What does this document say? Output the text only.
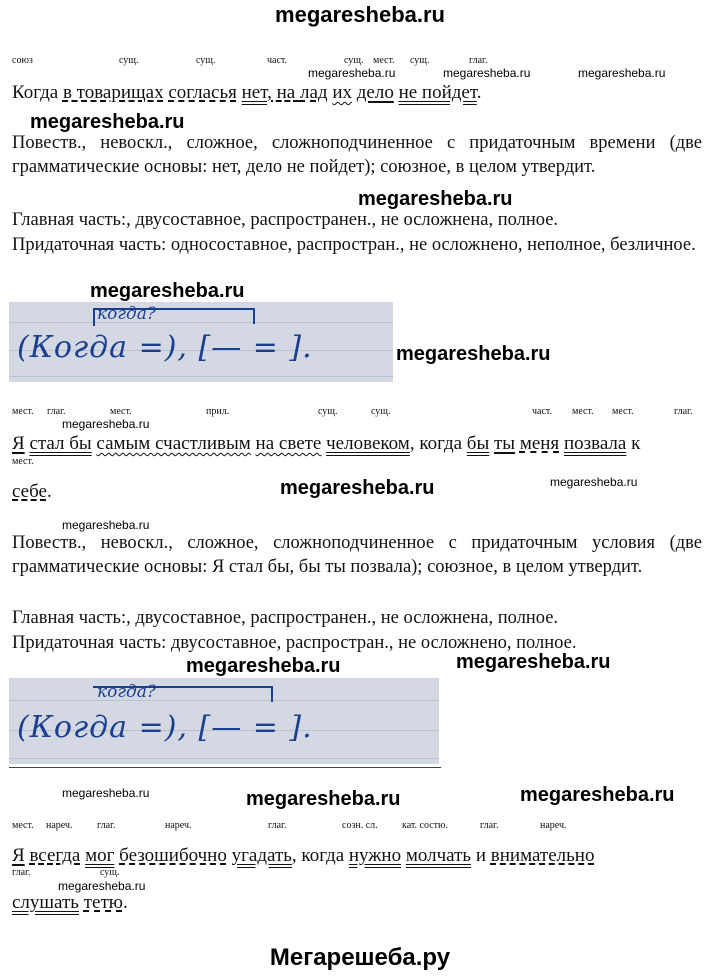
megaresheba.ru
Мегарешеба.ру
союз	сущ.	сущ.	част.	сущ. мест. сущ.	глаг.
megaresheba.ru	megaresheba.ru	megaresheba.ru
Когда в товарищах согласья нет, на лад их дело не пойдет.
megaresheba.ru
Повеств., невоскл., сложное, сложноподчиненное с придаточным времени (две грамматические основы: нет, дело не пойдет); союзное, в целом утвердит.
megaresheba.ru
Главная часть:, двусоставное, распространен., не осложнена, полное.
Придаточная часть: односоставное, распростран., не осложнено, неполное, безличное.
megaresheba.ru
когда?
(Когда =), [— = ].	megaresheba.ru
мест. глаг.	мест.	прил.	сущ.	сущ.	част. мест. мест.	глаг.
megaresheba.ru
Я стал бы самым счастливым на свете человеком, когда бы ты меня позвала к
мест.
себе.	megaresheba.ru	megaresheba.ru
megaresheba.ru
Повеств., невоскл., сложное, сложноподчиненное с придаточным условия (две грамматические основы: Я стал бы, бы ты позвала); союзное, в целом утвердит.
Главная часть:, двусоставное, распространен., не осложнена, полное.
Придаточная часть: двусоставное, распростран., не осложнено, полное.
megaresheba.ru	megaresheba.ru
когда?
(Когда =), [— = ].
megaresheba.ru	megaresheba.ru	megaresheba.ru
мест. нареч. глаг.	нареч.	глаг.	созн. сл. кат. состю.	глаг.	нареч.
Я всегда мог безошибочно угадать, когда нужно молчать и внимательно
глаг.	сущ.
megaresheba.ru
слушать тетю.
